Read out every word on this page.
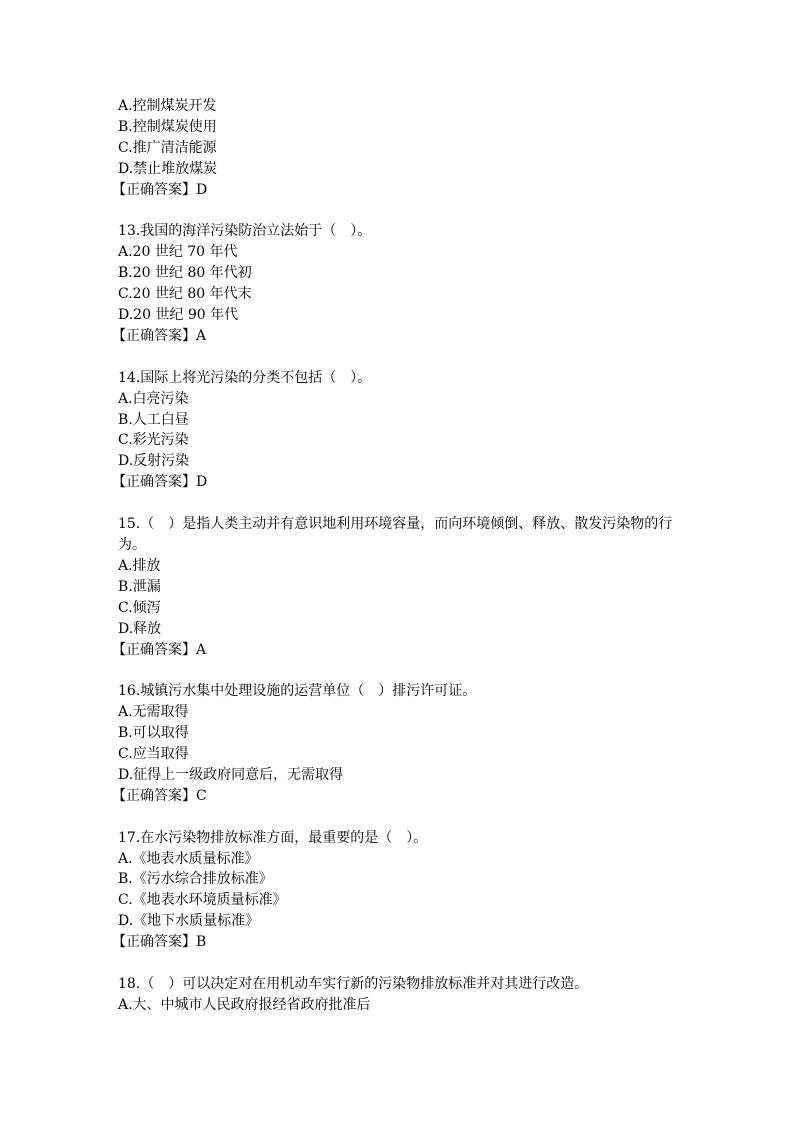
A.控制煤炭开发

B.控制煤炭使用

C.推广清洁能源

D.禁止堆放煤炭

【正确答案】D

13.我国的海洋污染防治立法始于（　）。

A.20 世纪 70 年代

B.20 世纪 80 年代初

C.20 世纪 80 年代末

D.20 世纪 90 年代

【正确答案】A

14.国际上将光污染的分类不包括（　）。

A.白亮污染

B.人工白昼

C.彩光污染

D.反射污染

【正确答案】D

15.（　）是指人类主动并有意识地利用环境容量，而向环境倾倒、释放、散发污染物的行

为。

A.排放

B.泄漏

C.倾泻

D.释放

【正确答案】A

16.城镇污水集中处理设施的运营单位（　）排污许可证。

A.无需取得

B.可以取得

C.应当取得

D.征得上一级政府同意后，无需取得

【正确答案】C

17.在水污染物排放标准方面，最重要的是（　）。

A.《地表水质量标准》

B.《污水综合排放标准》

C.《地表水环境质量标准》

D.《地下水质量标准》

【正确答案】B

18.（　）可以决定对在用机动车实行新的污染物排放标准并对其进行改造。

A.大、中城市人民政府报经省政府批准后
